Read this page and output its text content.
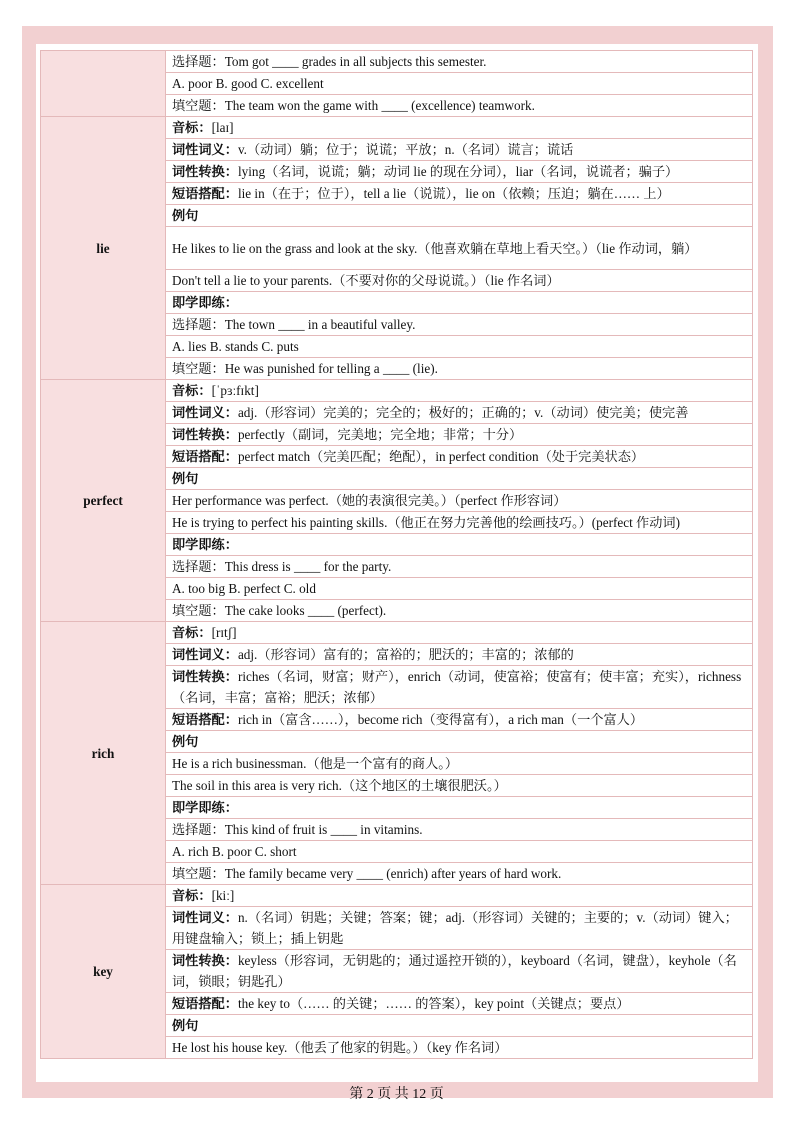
	选择题：Tom got ____ grades in all subjects this semester.
	A. poor B. good C. excellent
	填空题：The team won the game with ____ (excellence) teamwork.
lie	音标：[laɪ]
	词性词义：v.（动词）躺；位于；说谎；平放；n.（名词）谎言；谎话
	词性转换：lying（名词，说谎；躺；动词 lie 的现在分词），liar（名词，说谎者；骗子）
	短语搭配：lie in（在于；位于），tell a lie（说谎），lie on（依赖；压迫；躺在…… 上）
	例句
	He likes to lie on the grass and look at the sky.（他喜欢躺在草地上看天空。）（lie 作动词，躺）
	Don't tell a lie to your parents.（不要对你的父母说谎。）（lie 作名词）
	即学即练：
	选择题：The town ____ in a beautiful valley.
	A. lies B. stands C. puts
	填空题：He was punished for telling a ____ (lie).
perfect	音标：[ˈpɜːfɪkt]
	词性词义：adj.（形容词）完美的；完全的；极好的；正确的；v.（动词）使完美；使完善
	词性转换：perfectly（副词，完美地；完全地；非常；十分）
	短语搭配：perfect match（完美匹配；绝配），in perfect condition（处于完美状态）
	例句
	Her performance was perfect.（她的表演很完美。）（perfect 作形容词）
	He is trying to perfect his painting skills.（他正在努力完善他的绘画技巧。）(perfect 作动词)
	即学即练：
	选择题：This dress is ____ for the party.
	A. too big B. perfect C. old
	填空题：The cake looks ____ (perfect).
rich	音标：[rɪtʃ]
	词性词义：adj.（形容词）富有的；富裕的；肥沃的；丰富的；浓郁的
	词性转换：riches（名词，财富；财产），enrich（动词，使富裕；使富有；使丰富；充实），richness（名词，丰富；富裕；肥沃；浓郁）
	短语搭配：rich in（富含……），become rich（变得富有），a rich man（一个富人）
	例句
	He is a rich businessman.（他是一个富有的商人。）
	The soil in this area is very rich.（这个地区的土壤很肥沃。）
	即学即练：
	选择题：This kind of fruit is ____ in vitamins.
	A. rich B. poor C. short
	填空题：The family became very ____ (enrich) after years of hard work.
key	音标：[kiː]
	词性词义：n.（名词）钥匙；关键；答案；键；adj.（形容词）关键的；主要的；v.（动词）键入；用键盘输入；锁上；插上钥匙
	词性转换：keyless（形容词，无钥匙的；通过遥控开锁的），keyboard（名词，键盘），keyhole（名词，锁眼；钥匙孔）
	短语搭配：the key to（…… 的关键；…… 的答案），key point（关键点；要点）
	例句
	He lost his house key.（他丢了他家的钥匙。）（key 作名词）
第 2 页 共 12 页
